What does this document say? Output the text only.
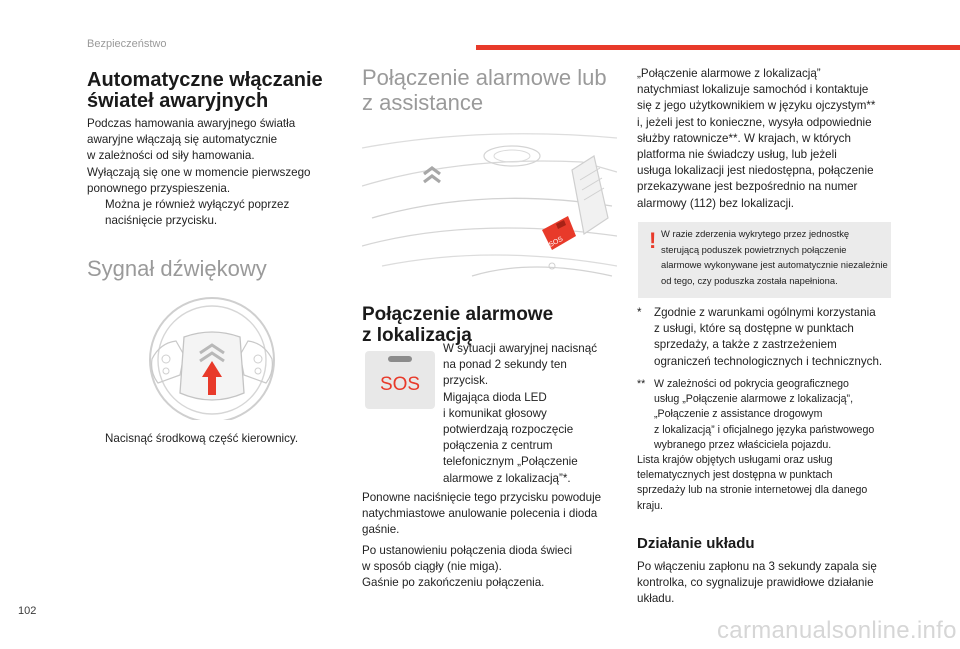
Bezpieczeństwo
Automatyczne włączanie
świateł awaryjnych
Podczas hamowania awaryjnego światła
awaryjne włączają się automatycznie
w zależności od siły hamowania.
Wyłączają się one w momencie pierwszego
ponownego przyspieszenia.
Można je również wyłączyć poprzez
naciśnięcie przycisku.
Sygnał dźwiękowy
Nacisnąć środkową część kierownicy.
Połączenie alarmowe lub
z assistance
SOS
Połączenie alarmowe
z lokalizacją
SOS
W sytuacji awaryjnej nacisnąć
na ponad 2 sekundy ten
przycisk.
Migająca dioda LED
i komunikat głosowy
potwierdzają rozpoczęcie
połączenia z centrum
telefonicznym „Połączenie
alarmowe z lokalizacją”*.
Ponowne naciśnięcie tego przycisku powoduje
natychmiastowe anulowanie polecenia i dioda
gaśnie.
Po ustanowieniu połączenia dioda świeci
w sposób ciągły (nie miga).
Gaśnie po zakończeniu połączenia.
„Połączenie alarmowe z lokalizacją”
natychmiast lokalizuje samochód i kontaktuje
się z jego użytkownikiem w języku ojczystym**
i, jeżeli jest to konieczne, wysyła odpowiednie
służby ratownicze**. W krajach, w których
platforma nie świadczy usług, lub jeżeli
usługa lokalizacji jest niedostępna, połączenie
przekazywane jest bezpośrednio na numer
alarmowy (112) bez lokalizacji.
! W razie zderzenia wykrytego przez jednostkę
sterującą poduszek powietrznych połączenie
alarmowe wykonywane jest automatycznie niezależnie
od tego, czy poduszka została napełniona.
* Zgodnie z warunkami ogólnymi korzystania
z usługi, które są dostępne w punktach
sprzedaży, a także z zastrzeżeniem
ograniczeń technologicznych i technicznych.
** W zależności od pokrycia geograficznego
usług „Połączenie alarmowe z lokalizacją”,
„Połączenie z assistance drogowym
z lokalizacją” i oficjalnego języka państwowego
wybranego przez właściciela pojazdu.
Lista krajów objętych usługami oraz usług
telematycznych jest dostępna w punktach
sprzedaży lub na stronie internetowej dla danego
kraju.
Działanie układu
Po włączeniu zapłonu na 3 sekundy zapala się
kontrolka, co sygnalizuje prawidłowe działanie
układu.
102
carmanualsonline.info
